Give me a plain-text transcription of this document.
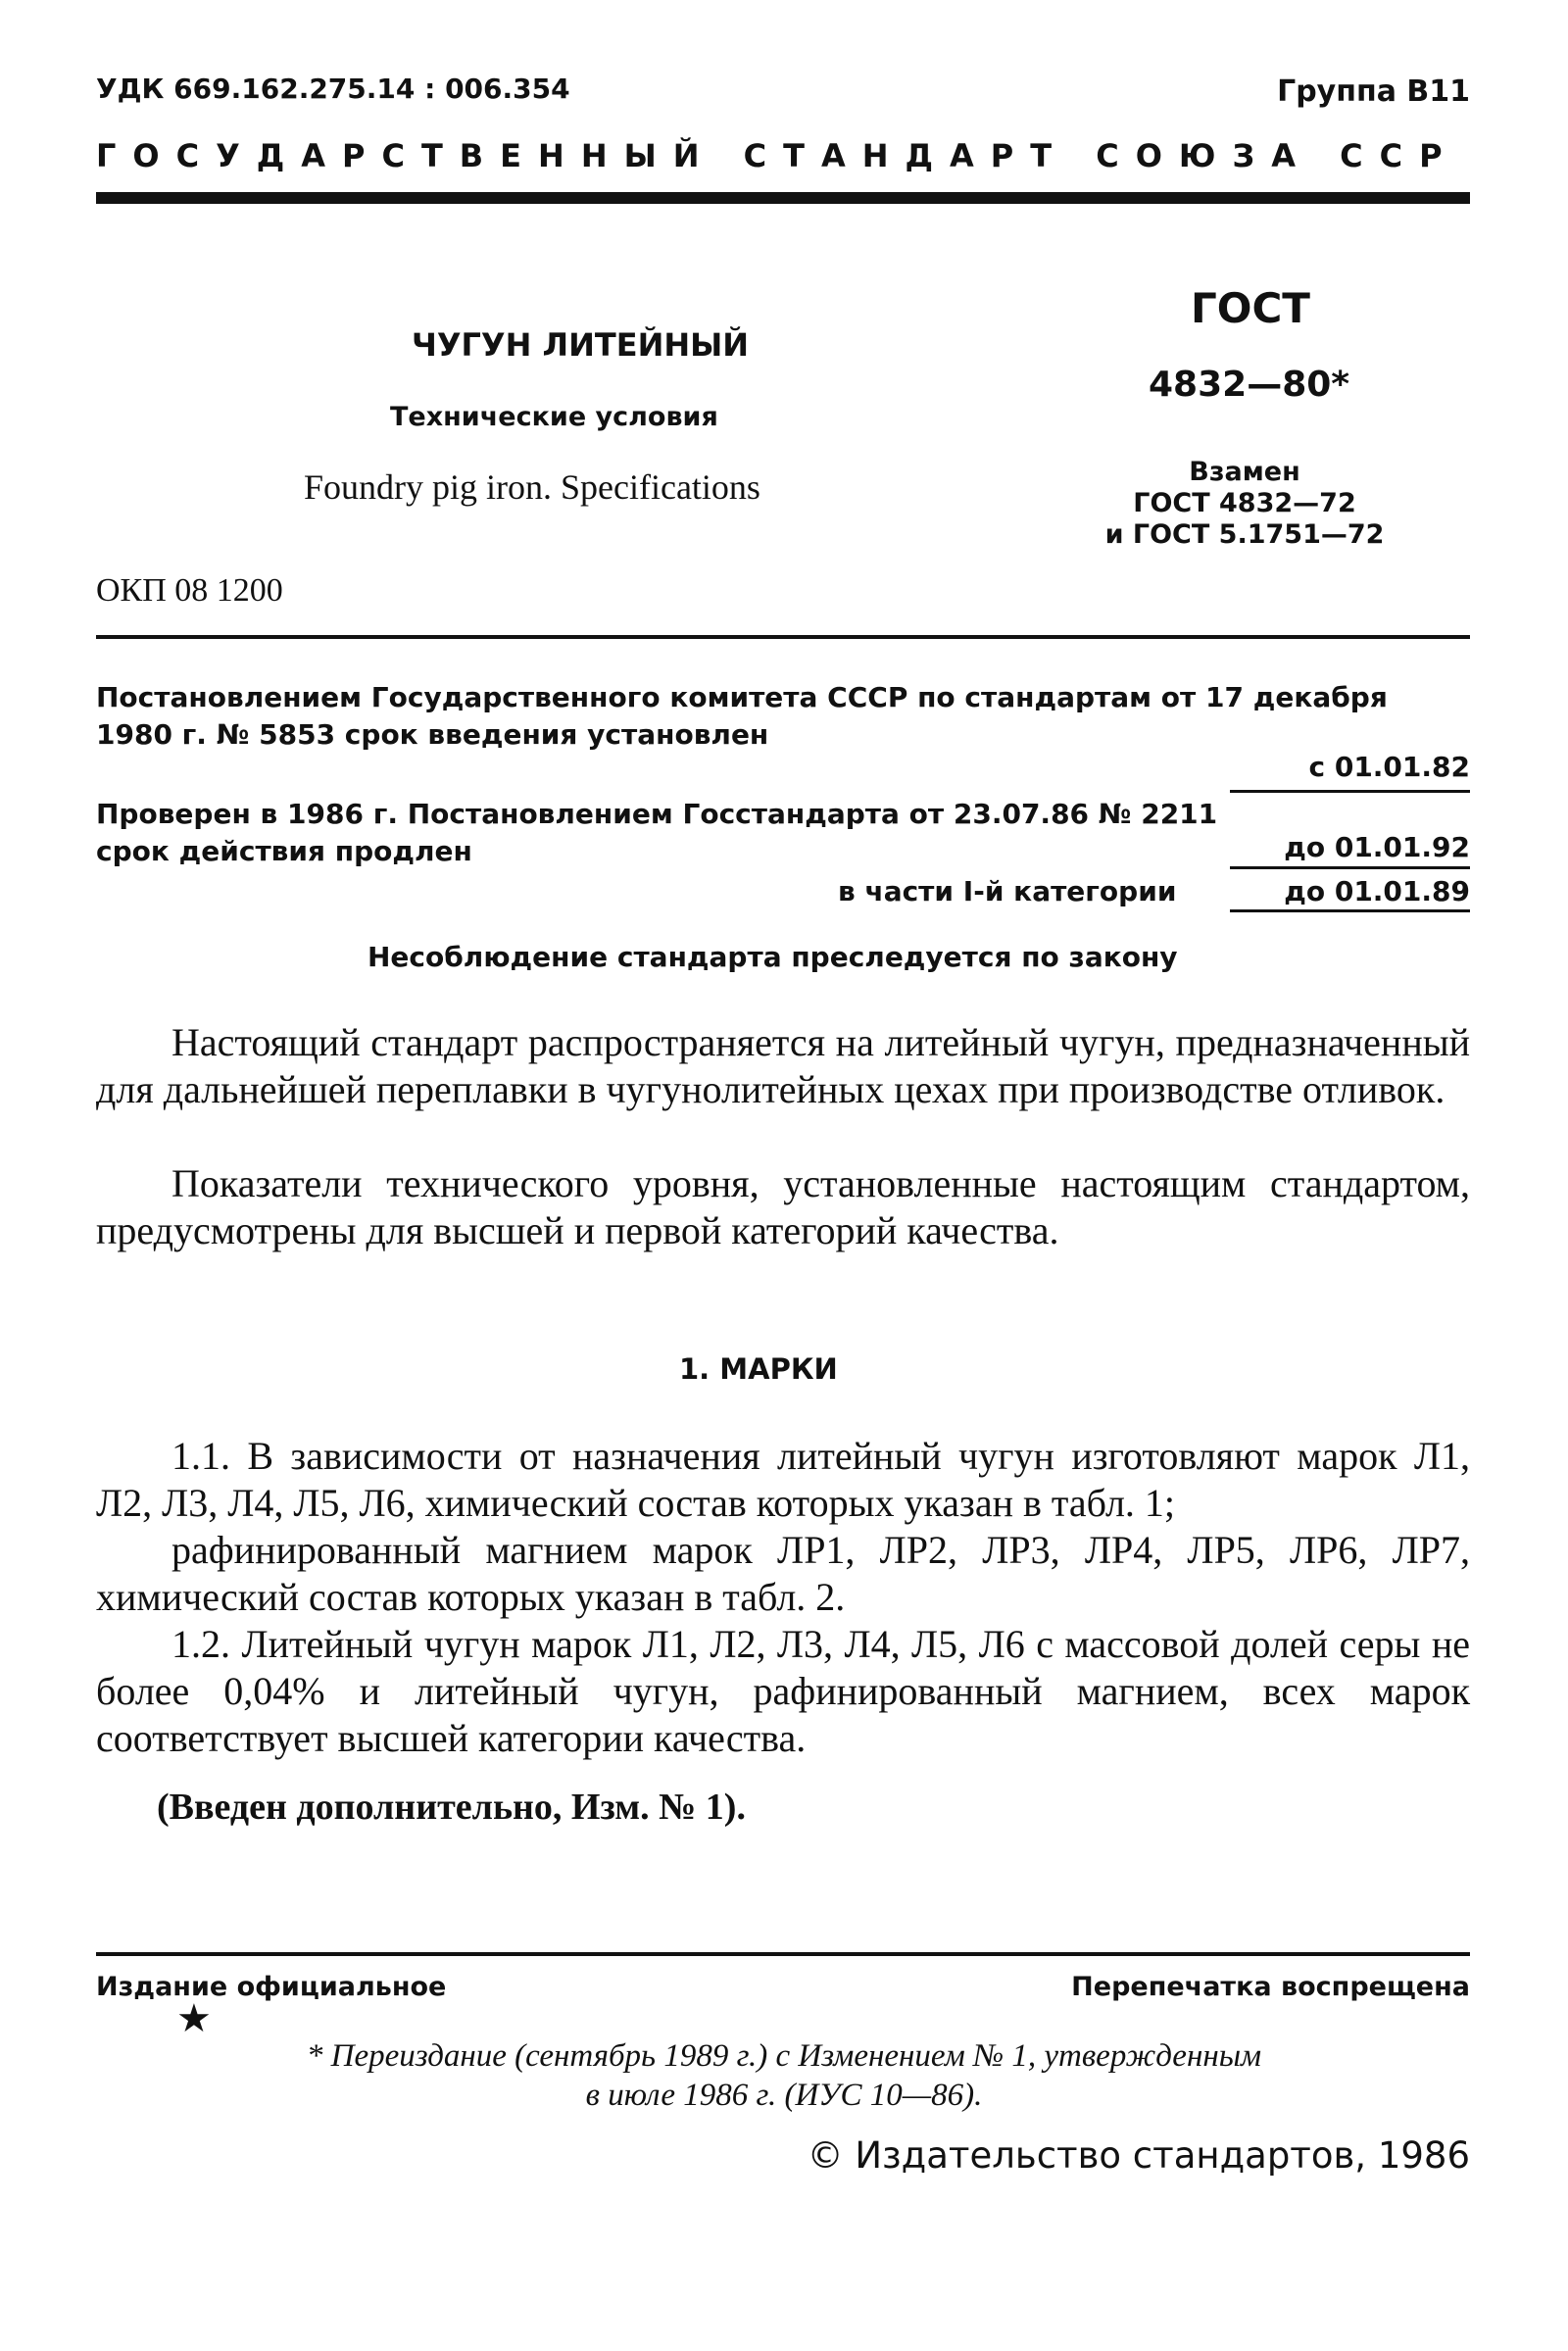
УДК 669.162.275.14 : 006.354	Группа В11
ГОСУДАРСТВЕННЫЙ СТАНДАРТ СОЮЗА ССР
ЧУГУН ЛИТЕЙНЫЙ
Технические условия
Foundry pig iron. Specifications
ОКП 08 1200
ГОСТ
4832—80*
Взамен
ГОСТ 4832—72
и ГОСТ 5.1751—72
Постановлением Государственного комитета СССР по стандартам от 17 декабря 1980 г. № 5853 срок введения установлен
с 01.01.82
Проверен в 1986 г. Постановлением Госстандарта от 23.07.86 № 2211 срок действия продлен	до 01.01.92
в части I-й категории	до 01.01.89
Несоблюдение стандарта преследуется по закону

Настоящий стандарт распространяется на литейный чугун, предназначенный для дальнейшей переплавки в чугунолитейных цехах при производстве отливок.

Показатели технического уровня, установленные настоящим стандартом, предусмотрены для высшей и первой категорий качества.

1. МАРКИ

1.1. В зависимости от назначения литейный чугун изготовляют марок Л1, Л2, Л3, Л4, Л5, Л6, химический состав которых указан в табл. 1;

рафинированный магнием марок ЛР1, ЛР2, ЛР3, ЛР4, ЛР5, ЛР6, ЛР7, химический состав которых указан в табл. 2.

1.2. Литейный чугун марок Л1, Л2, Л3, Л4, Л5, Л6 с массовой долей серы не более 0,04% и литейный чугун, рафинированный магнием, всех марок соответствует высшей категории качества.

(Введен дополнительно, Изм. № 1).
Издание официальное	Перепечатка воспрещена
★
* Переиздание (сентябрь 1989 г.) с Изменением № 1, утвержденным
в июле 1986 г. (ИУС 10—86).
© Издательство стандартов, 1986
